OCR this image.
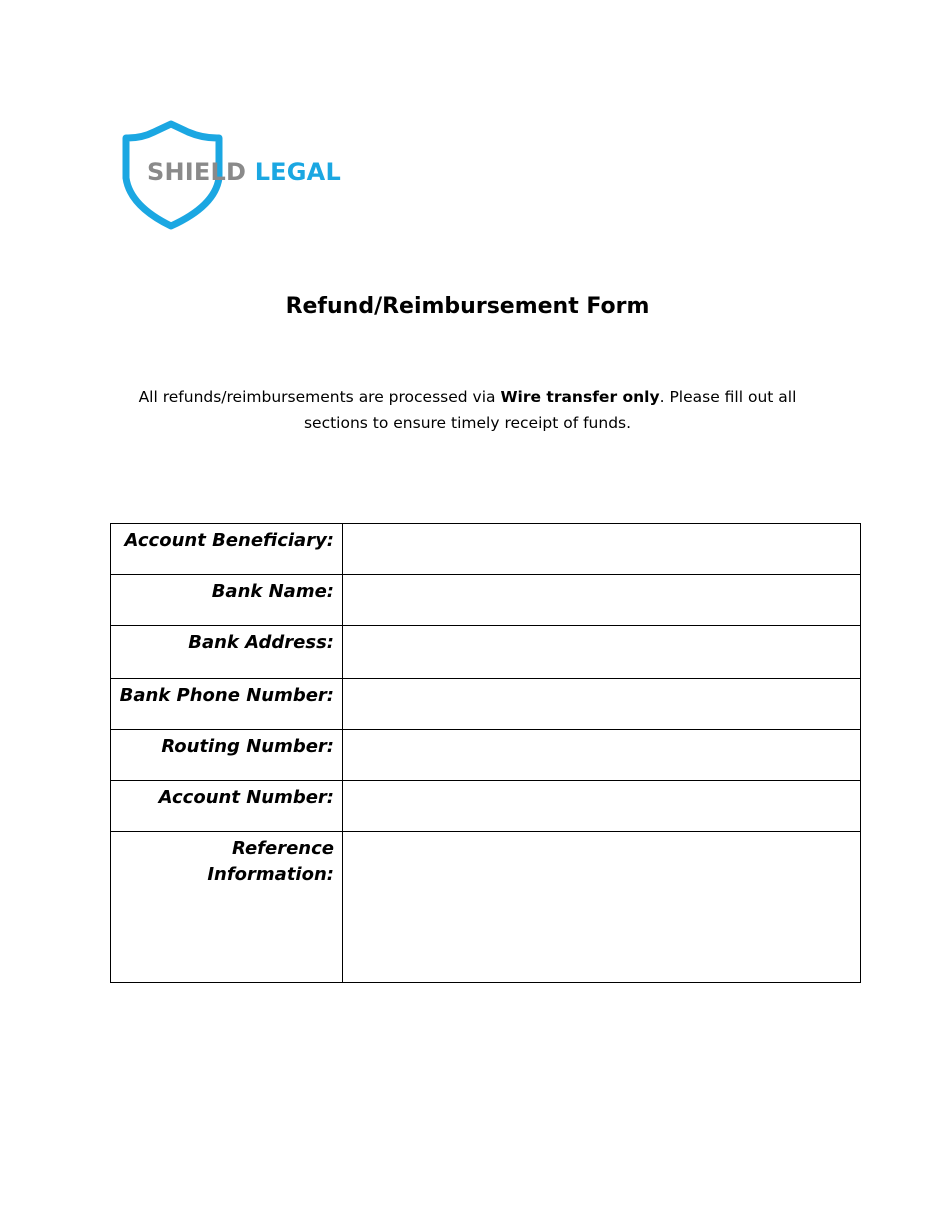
SHIELD LEGAL
Refund/Reimbursement Form

All refunds/reimbursements are processed via Wire transfer only. Please fill out all sections to ensure timely receipt of funds.

Account Beneficiary:	
Bank Name:	
Bank Address:	
Bank Phone Number:	
Routing Number:	
Account Number:	
Reference Information:	
